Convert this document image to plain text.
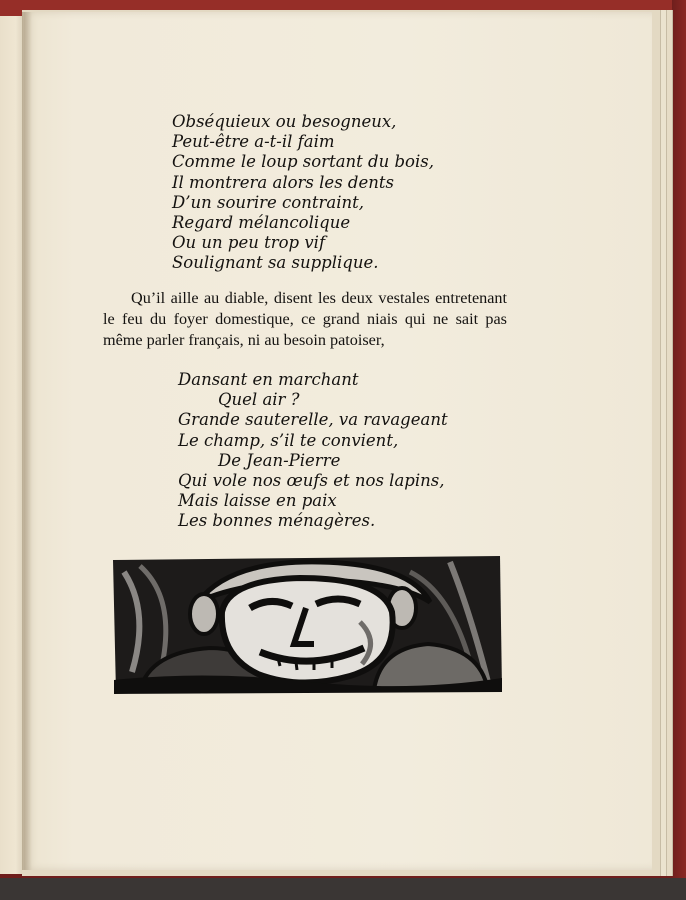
Obséquieux ou besogneux,
Peut-être a-t-il faim
Comme le loup sortant du bois,
Il montrera alors les dents
D’un sourire contraint,
Regard mélancolique
Ou un peu trop vif
Soulignant sa supplique.

Qu’il aille au diable, disent les deux vestales entretenant le feu du foyer domestique, ce grand niais qui ne sait pas même parler français, ni au besoin patoiser,

Dansant en marchant
Quel air ?
Grande sauterelle, va ravageant
Le champ, s’il te convient,
De Jean-Pierre
Qui vole nos œufs et nos lapins,
Mais laisse en paix
Les bonnes ménagères.
